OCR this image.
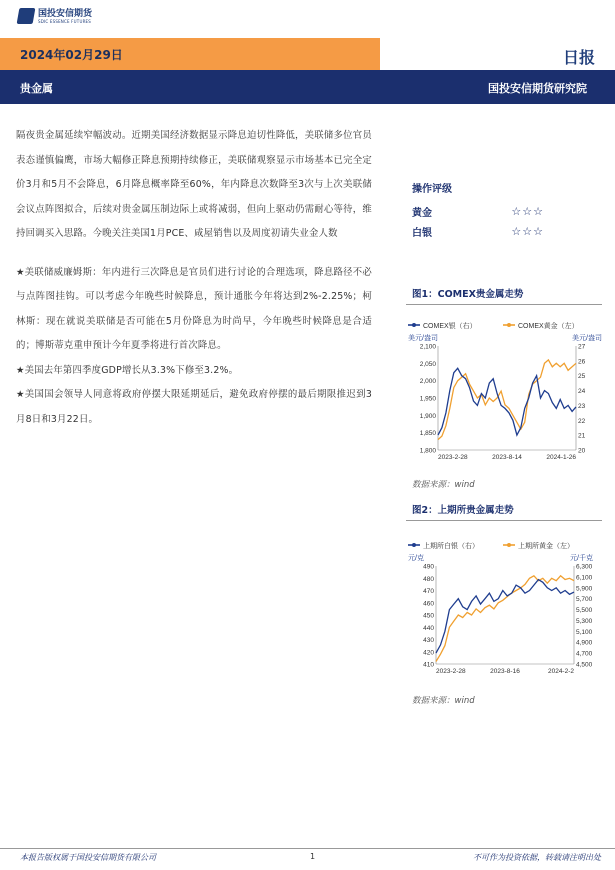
国投安信期货
SDIC ESSENCE FUTURES
2024年02月29日	日报
贵金属	国投安信期货研究院

隔夜贵金属延续窄幅波动。近期美国经济数据显示降息迫切性降低，美联储多位官员表态谨慎偏鹰，市场大幅修正降息预期持续修正，美联储观察显示市场基本已完全定价3月和5月不会降息，6月降息概率降至60%，年内降息次数降至3次与上次美联储会议点阵图拟合，后续对贵金属压制边际上或将减弱，但向上驱动仍需耐心等待，维持回调买入思路。今晚关注美国1月PCE、咸屋销售以及周度初请失业金人数

★美联储威廉姆斯：年内进行三次降息是官员们进行讨论的合理选项，降息路径不必与点阵图挂钩。可以考虑今年晚些时候降息，预计通胀今年将达到2%-2.25%；柯林斯：现在就说美联储是否可能在5月份降息为时尚早，今年晚些时候降息是合适的；博斯蒂克重申预计今年夏季将进行首次降息。

★美国去年第四季度GDP增长从3.3%下修至3.2%。

★美国国会领导人同意将政府停摆大限延期延后，避免政府停摆的最后期限推迟到3月8日和3月22日。

操作评级
黄金	☆☆☆
白银	☆☆☆
图1：COMEX贵金属走势
COMEX银（右）	COMEX黄金（左）
美元/盎司	美元/盎司
1,800
1,850
1,900
1,950
2,000
2,050
2,100
20
21
22
23
24
25
26
27
2023-2-28	2023-8-14	2024-1-26
数据来源：wind
图2：上期所贵金属走势
上期所白银（右）	上期所黄金（左）
元/克	元/千克
410
420
430
440
450
460
470
480
490
4,500
4,700
4,900
5,100
5,300
5,500
5,700
5,900
6,100
6,300
2023-2-28	2023-8-16	2024-2-2
数据来源：wind
本报告版权属于国投安信期货有限公司	1	不可作为投资依据，转载请注明出处
